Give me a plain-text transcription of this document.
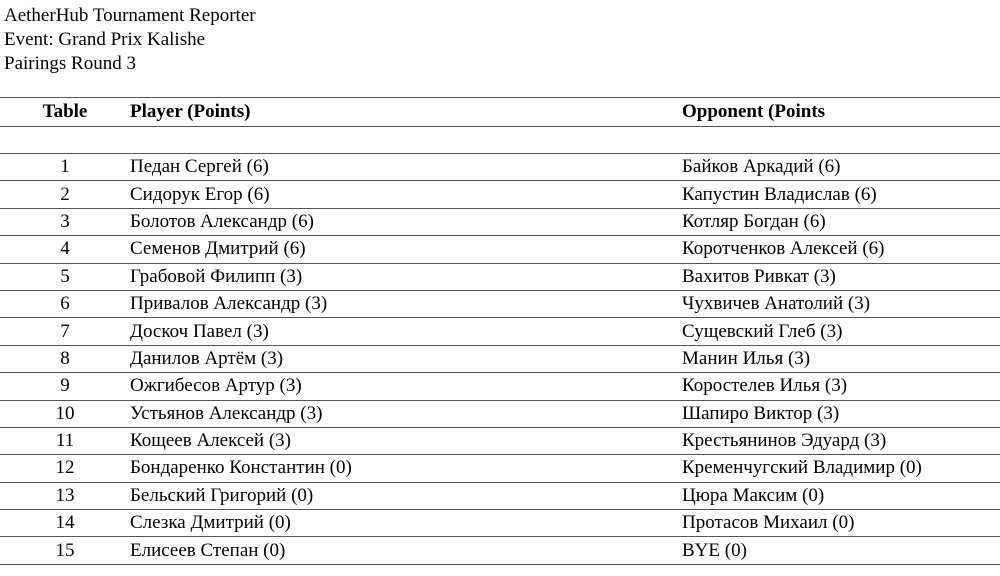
AetherHub Tournament Reporter
Event: Grand Prix Kalishe
Pairings Round 3
Table	Player (Points)	Opponent (Points

1	Педан Сергей (6)	Байков Аркадий (6)
2	Сидорук Егор (6)	Капустин Владислав (6)
3	Болотов Александр (6)	Котляр Богдан (6)
4	Семенов Дмитрий (6)	Коротченков Алексей (6)
5	Грабовой Филипп (3)	Вахитов Ривкат (3)
6	Привалов Александр (3)	Чухвичев Анатолий (3)
7	Доскоч Павел (3)	Сущевский Глеб (3)
8	Данилов Артём (3)	Манин Илья (3)
9	Ожгибесов Артур (3)	Коростелев Илья (3)
10	Устьянов Александр (3)	Шапиро Виктор (3)
11	Кощеев Алексей (3)	Крестьянинов Эдуард (3)
12	Бондаренко Константин (0)	Кременчугский Владимир (0)
13	Бельский Григорий (0)	Цюра Максим (0)
14	Слезка Дмитрий (0)	Протасов Михаил (0)
15	Елисеев Степан (0)	BYE (0)
